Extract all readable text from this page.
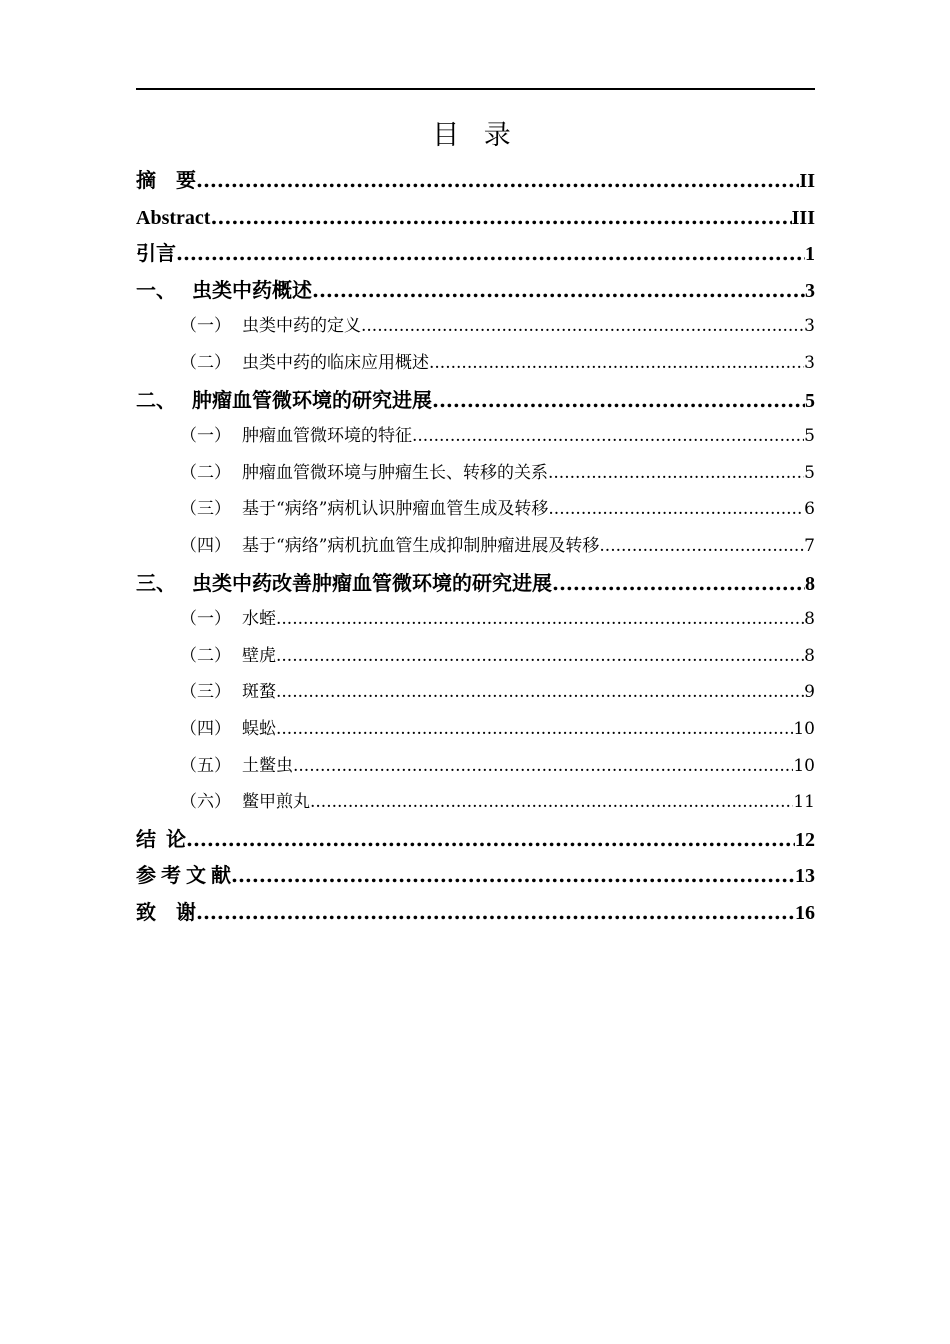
目 录
摘    要 .....	II
Abstract .....	III
引言 .....	1
一、 虫类中药概述 .....	3
（一） 虫类中药的定义 .....	3
（二） 虫类中药的临床应用概述 .....	3
二、 肿瘤血管微环境的研究进展 .....	5
（一） 肿瘤血管微环境的特征 .....	5
（二） 肿瘤血管微环境与肿瘤生长、转移的关系 .....	5
（三） 基于“病络”病机认识肿瘤血管生成及转移 .....	6
（四） 基于“病络”病机抗血管生成抑制肿瘤进展及转移 .....	7
三、 虫类中药改善肿瘤血管微环境的研究进展 .....	8
（一） 水蛭 .....	8
（二） 壁虎 .....	8
（三） 斑蝥 .....	9
（四） 蜈蚣 .....	10
（五） 土鳖虫 .....	10
（六） 鳖甲煎丸 .....	11
结  论 .....	12
参 考 文 献 .....	13
致    谢 .....	16
